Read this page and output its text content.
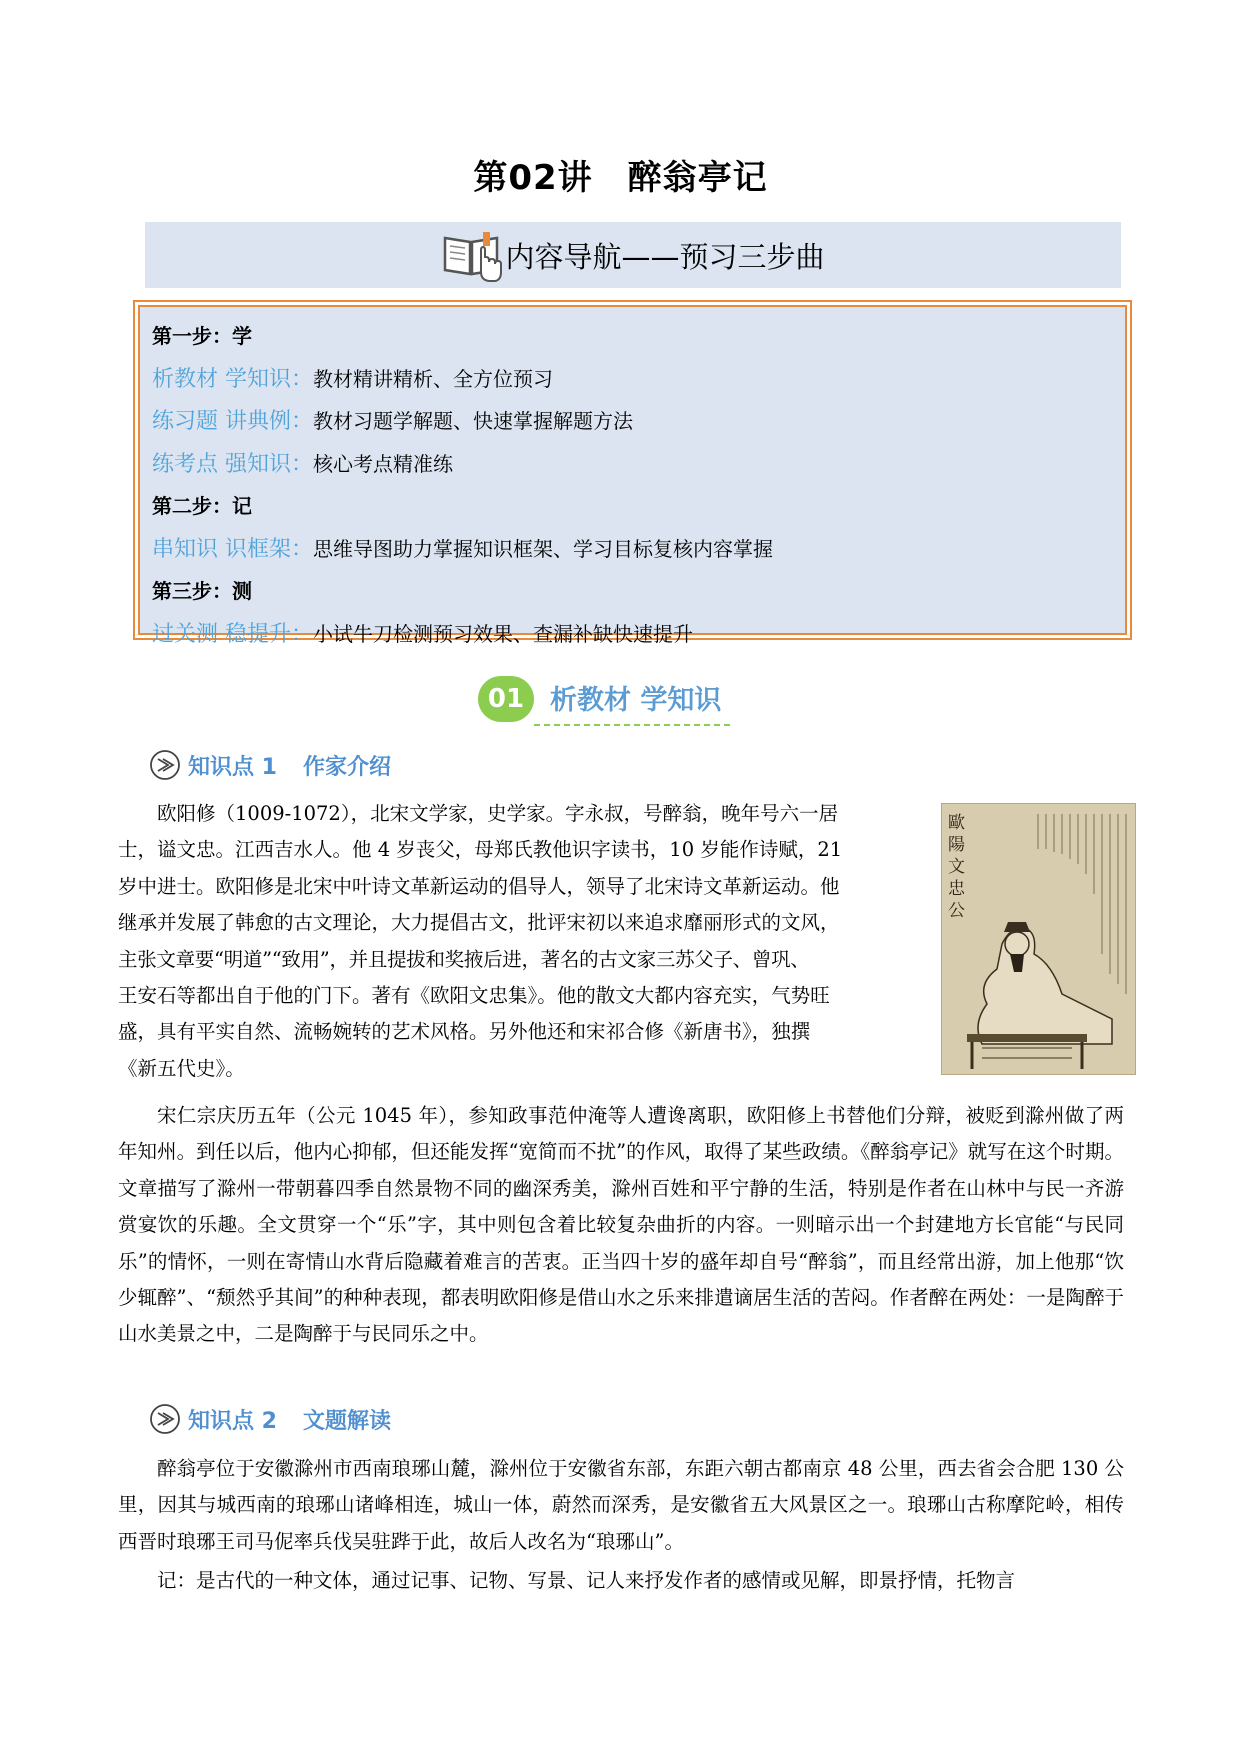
第02讲　醉翁亭记
内容导航——预习三步曲
第一步：学
析教材 学知识：教材精讲精析、全方位预习
练习题 讲典例：教材习题学解题、快速掌握解题方法
练考点 强知识：核心考点精准练
第二步：记
串知识 识框架：思维导图助力掌握知识框架、学习目标复核内容掌握
第三步：测
过关测 稳提升：小试牛刀检测预习效果、查漏补缺快速提升
01 析教材 学知识
知识点 1 作家介绍
欧阳修（1009-1072），北宋文学家，史学家。字永叔，号醉翁，晚年号六一居
士，谥文忠。江西吉水人。他 4 岁丧父，母郑氏教他识字读书，10 岁能作诗赋，21
岁中进士。欧阳修是北宋中叶诗文革新运动的倡导人，领导了北宋诗文革新运动。他
继承并发展了韩愈的古文理论，大力提倡古文，批评宋初以来追求靡丽形式的文风，
主张文章要“明道”“致用”，并且提拔和奖掖后进，著名的古文家三苏父子、曾巩、
王安石等都出自于他的门下。著有《欧阳文忠集》。他的散文大都内容充实，气势旺
盛，具有平实自然、流畅婉转的艺术风格。另外他还和宋祁合修《新唐书》，独撰
《新五代史》。
歐陽文忠公

宋仁宗庆历五年（公元 1045 年），参知政事范仲淹等人遭谗离职，欧阳修上书替他们分辩，被贬到滁州做了两年知州。到任以后，他内心抑郁，但还能发挥“宽简而不扰”的作风，取得了某些政绩。《醉翁亭记》就写在这个时期。文章描写了滁州一带朝暮四季自然景物不同的幽深秀美，滁州百姓和平宁静的生活，特别是作者在山林中与民一齐游赏宴饮的乐趣。全文贯穿一个“乐”字，其中则包含着比较复杂曲折的内容。一则暗示出一个封建地方长官能“与民同乐”的情怀，一则在寄情山水背后隐藏着难言的苦衷。正当四十岁的盛年却自号“醉翁”，而且经常出游，加上他那“饮少辄醉”、“颓然乎其间”的种种表现，都表明欧阳修是借山水之乐来排遣谪居生活的苦闷。作者醉在两处：一是陶醉于山水美景之中，二是陶醉于与民同乐之中。

知识点 2 文题解读

醉翁亭位于安徽滁州市西南琅琊山麓，滁州位于安徽省东部，东距六朝古都南京 48 公里，西去省会合肥 130 公里，因其与城西南的琅琊山诸峰相连，城山一体，蔚然而深秀，是安徽省五大风景区之一。琅琊山古称摩陀岭，相传西晋时琅琊王司马伲率兵伐吴驻跸于此，故后人改名为“琅琊山”。

记：是古代的一种文体，通过记事、记物、写景、记人来抒发作者的感情或见解，即景抒情，托物言
